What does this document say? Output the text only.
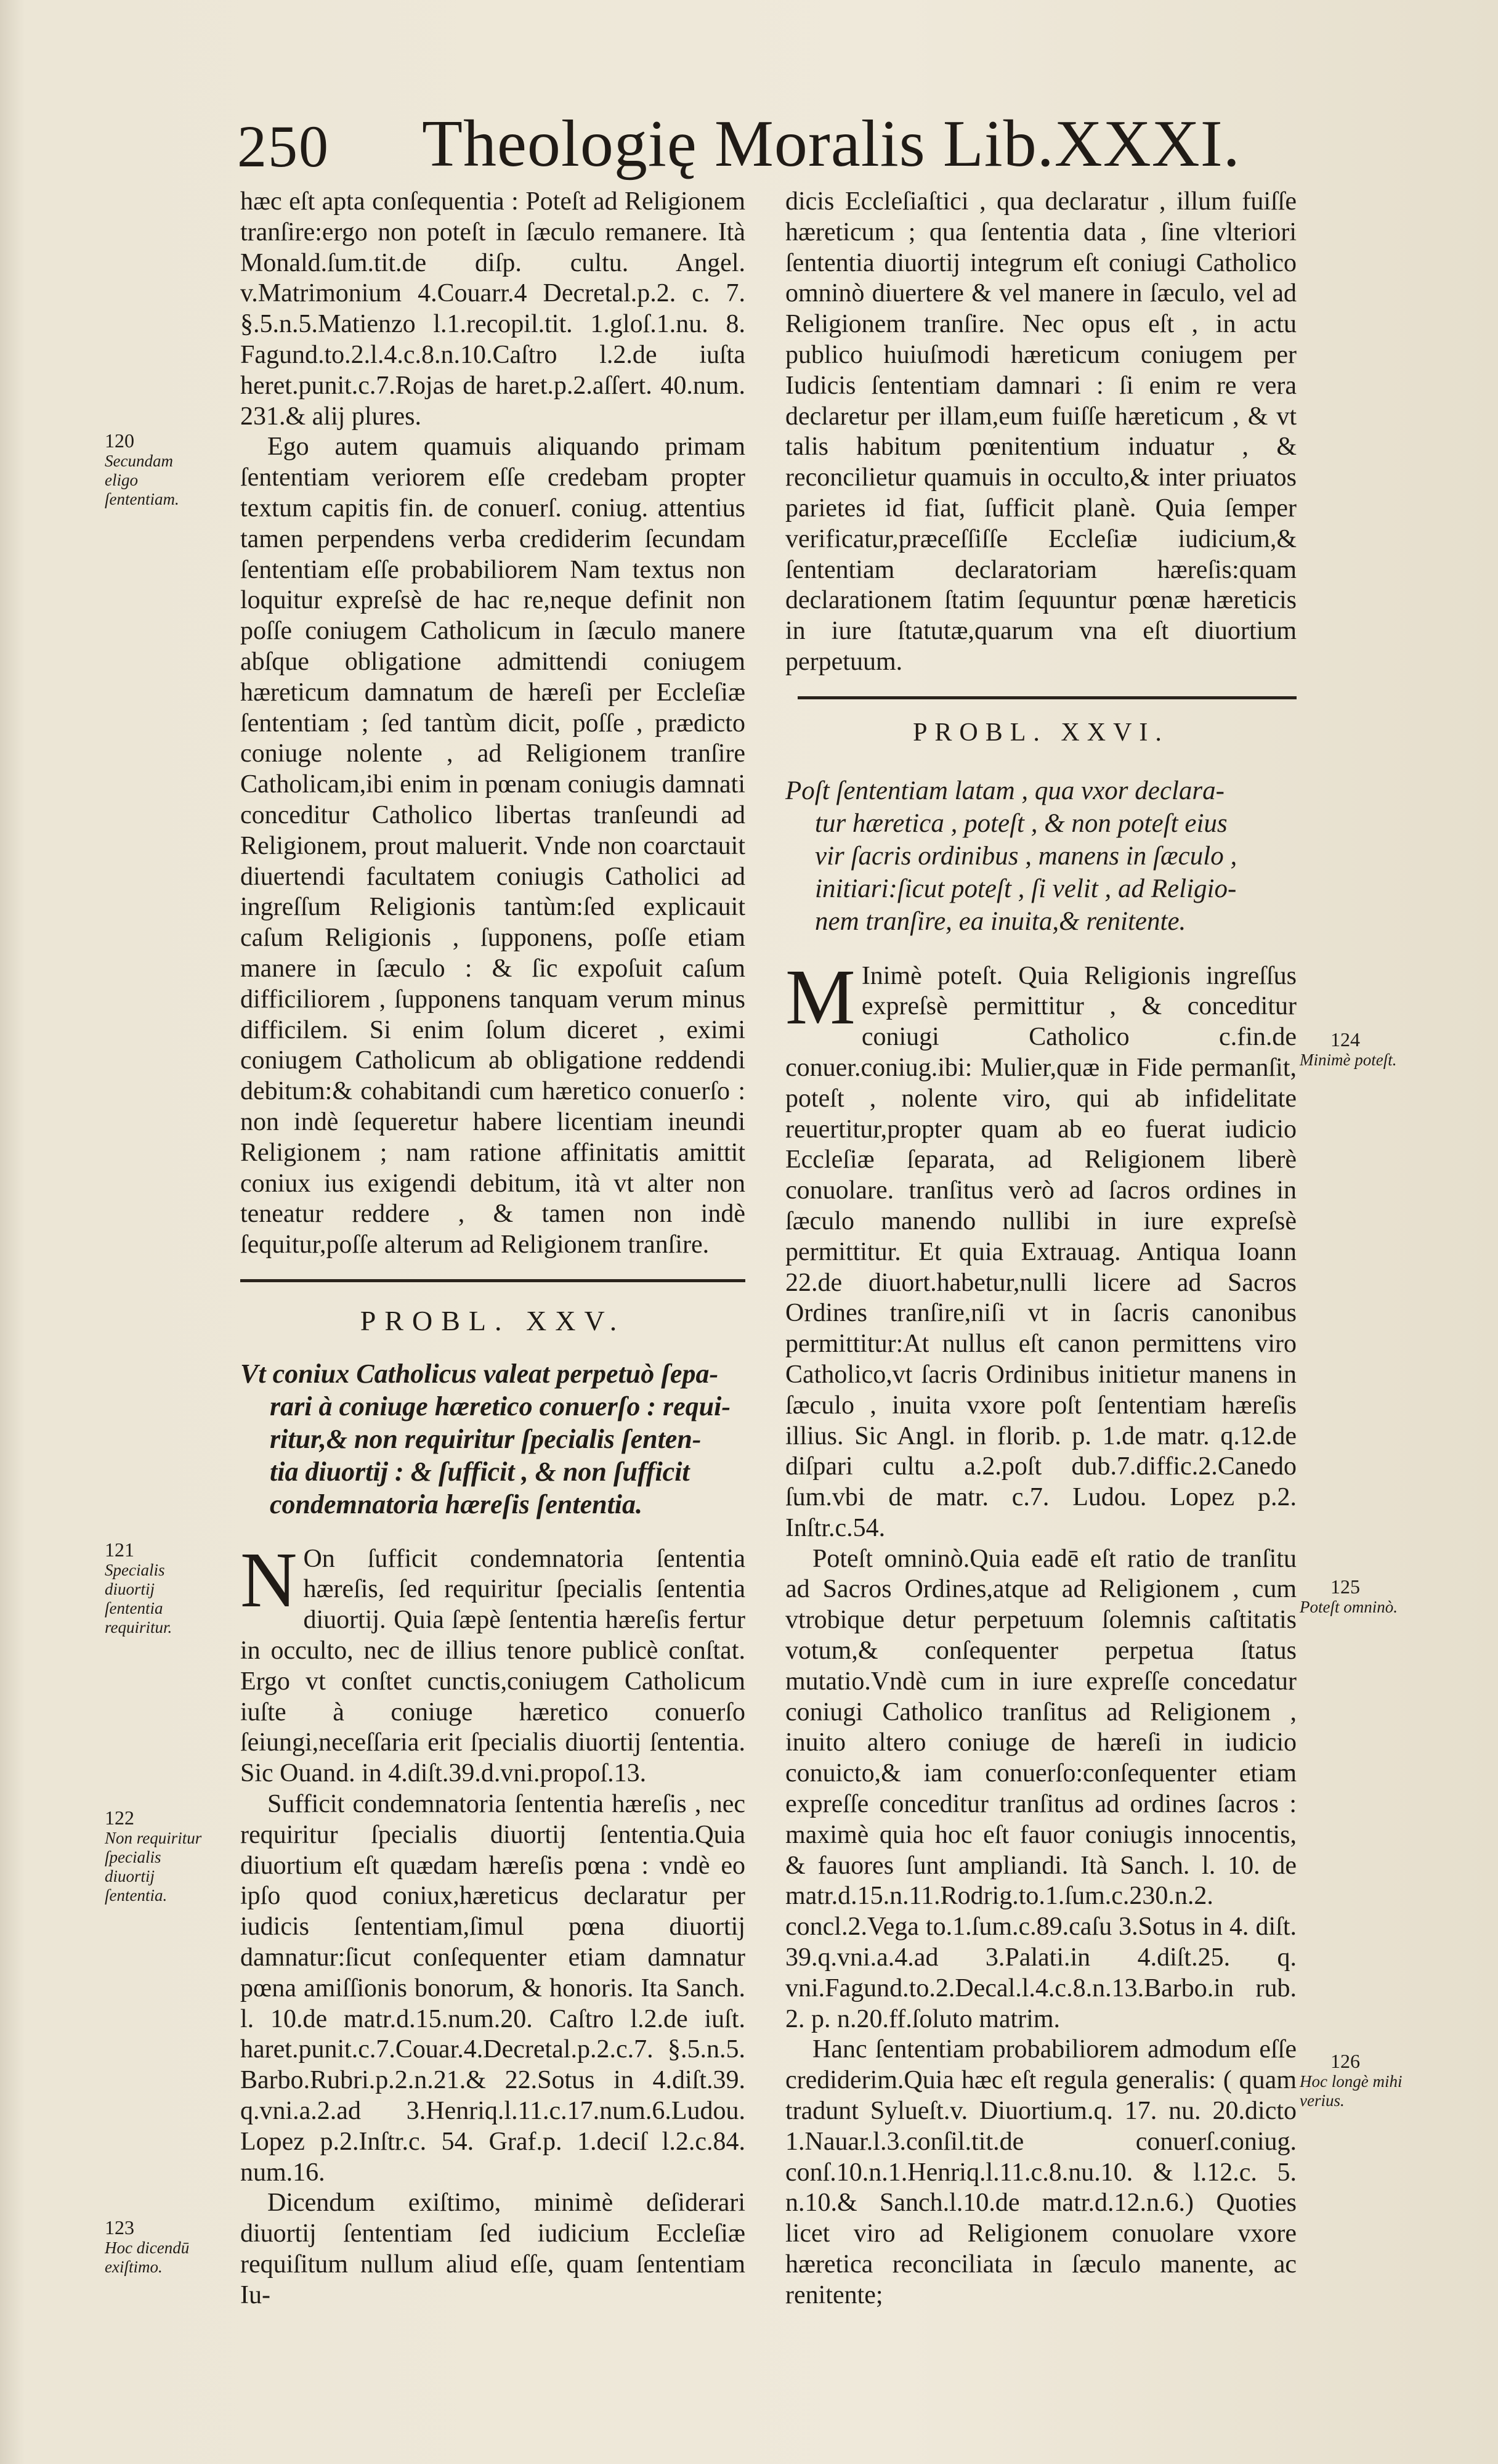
250 Theologię Moralis Lib.XXXI.

hæc eſt apta conſequentia : Poteſt ad Religionem tranſire:ergo non poteſt in ſæculo remanere. Ità Monald.ſum.tit.de diſp. cultu. Angel. v.Matrimonium 4.Couarr.4 Decretal.p.2. c. 7. §.5.n.5.Matienzo l.1.recopil.tit. 1.gloſ.1.nu. 8. Fagund.to.2.l.4.c.8.n.10.Caſtro l.2.de iuſta heret.punit.c.7.Rojas de haret.p.2.aſſert. 40.num. 231.& alij plures.

Ego autem quamuis aliquando primam ſententiam veriorem eſſe credebam propter textum capitis fin. de conuerſ. coniug. attentius tamen perpendens verba crediderim ſecundam ſententiam eſſe probabiliorem Nam textus non loquitur expreſsè de hac re,neque definit non poſſe coniugem Catholicum in ſæculo manere abſque obligatione admittendi coniugem hæreticum damnatum de hæreſi per Eccleſiæ ſententiam ; ſed tantùm dicit, poſſe , prædicto coniuge nolente , ad Religionem tranſire Catholicam,ibi enim in pœnam coniugis damnati conceditur Catholico libertas tranſeundi ad Religionem, prout maluerit. Vnde non coarctauit diuertendi facultatem coniugis Catholici ad ingreſſum Religionis tantùm:ſed explicauit caſum Religionis , ſupponens, poſſe etiam manere in ſæculo : & ſic expoſuit caſum difficiliorem , ſupponens tanquam verum minus difficilem. Si enim ſolum diceret , eximi coniugem Catholicum ab obligatione reddendi debitum:& cohabitandi cum hæretico conuerſo : non indè ſequeretur habere licentiam ineundi Religionem ; nam ratione affinitatis amittit coniux ius exigendi debitum, ità vt alter non teneatur reddere , & tamen non indè ſequitur,poſſe alterum ad Religionem tranſire.

PROBL. XXV.
Vt coniux Catholicus valeat perpetuò ſepa-
rari à coniuge hæretico conuerſo : requi-
ritur,& non requiritur ſpecialis ſenten-
tia diuortij : & ſufficit , & non ſufficit
condemnatoria hæreſis ſententia.

N On ſufficit condemnatoria ſententia hæreſis, ſed requiritur ſpecialis ſententia diuortij. Quia ſæpè ſententia hæreſis fertur in occulto, nec de illius tenore publicè conſtat. Ergo vt conſtet cunctis,coniugem Catholicum iuſte à coniuge hæretico conuerſo ſeiungi,neceſſaria erit ſpecialis diuortij ſententia. Sic Ouand. in 4.diſt.39.d.vni.propoſ.13.

Sufficit condemnatoria ſententia hæreſis , nec requiritur ſpecialis diuortij ſententia.Quia diuortium eſt quædam hæreſis pœna : vndè eo ipſo quod coniux,hæreticus declaratur per iudicis ſententiam,ſimul pœna diuortij damnatur:ſicut conſequenter etiam damnatur pœna amiſſionis bonorum, & honoris. Ita Sanch. l. 10.de matr.d.15.num.20. Caſtro l.2.de iuſt. haret.punit.c.7.Couar.4.Decretal.p.2.c.7. §.5.n.5. Barbo.Rubri.p.2.n.21.& 22.Sotus in 4.diſt.39. q.vni.a.2.ad 3.Henriq.l.11.c.17.num.6.Ludou. Lopez p.2.Inſtr.c. 54. Graf.p. 1.deciſ l.2.c.84. num.16.

Dicendum exiſtimo, minimè deſiderari diuortij ſententiam ſed iudicium Eccleſiæ requiſitum nullum aliud eſſe, quam ſententiam Iu-

dicis Eccleſiaſtici , qua declaratur , illum fuiſſe hæreticum ; qua ſententia data , ſine vlteriori ſententia diuortij integrum eſt coniugi Catholico omninò diuertere & vel manere in ſæculo, vel ad Religionem tranſire. Nec opus eſt , in actu publico huiuſmodi hæreticum coniugem per Iudicis ſententiam damnari : ſi enim re vera declaretur per illam,eum fuiſſe hæreticum , & vt talis habitum pœnitentium induatur , & reconcilietur quamuis in occulto,& inter priuatos parietes id fiat, ſufficit planè. Quia ſemper verificatur,præceſſiſſe Eccleſiæ iudicium,& ſententiam declaratoriam hæreſis:quam declarationem ſtatim ſequuntur pœnæ hæreticis in iure ſtatutæ,quarum vna eſt diuortium perpetuum.

PROBL. XXVI.
Poſt ſententiam latam , qua vxor declara-
tur hæretica , poteſt , & non poteſt eius
vir ſacris ordinibus , manens in ſæculo ,
initiari:ſicut poteſt , ſi velit , ad Religio-
nem tranſire, ea inuita,& renitente.

M Inimè poteſt. Quia Religionis ingreſſus expreſsè permittitur , & conceditur coniugi Catholico c.fin.de conuer.coniug.ibi: Mulier,quæ in Fide permanſit, poteſt , nolente viro, qui ab infidelitate reuertitur,propter quam ab eo fuerat iudicio Eccleſiæ ſeparata, ad Religionem liberè conuolare. tranſitus verò ad ſacros ordines in ſæculo manendo nullibi in iure expreſsè permittitur. Et quia Extrauag. Antiqua Ioann 22.de diuort.habetur,nulli licere ad Sacros Ordines tranſire,niſi vt in ſacris canonibus permittitur:At nullus eſt canon permittens viro Catholico,vt ſacris Ordinibus initietur manens in ſæculo , inuita vxore poſt ſententiam hæreſis illius. Sic Angl. in florib. p. 1.de matr. q.12.de diſpari cultu a.2.poſt dub.7.diffic.2.Canedo ſum.vbi de matr. c.7. Ludou. Lopez p.2. Inſtr.c.54.

Poteſt omninò.Quia eadē eſt ratio de tranſitu ad Sacros Ordines,atque ad Religionem , cum vtrobique detur perpetuum ſolemnis caſtitatis votum,& conſequenter perpetua ſtatus mutatio.Vndè cum in iure expreſſe concedatur coniugi Catholico tranſitus ad Religionem , inuito altero coniuge de hæreſi in iudicio conuicto,& iam conuerſo:conſequenter etiam expreſſe conceditur tranſitus ad ordines ſacros : maximè quia hoc eſt fauor coniugis innocentis, & fauores ſunt ampliandi. Ità Sanch. l. 10. de matr.d.15.n.11.Rodrig.to.1.ſum.c.230.n.2. concl.2.Vega to.1.ſum.c.89.caſu 3.Sotus in 4. diſt. 39.q.vni.a.4.ad 3.Palati.in 4.diſt.25. q. vni.Fagund.to.2.Decal.l.4.c.8.n.13.Barbo.in rub. 2. p. n.20.ff.ſoluto matrim.

Hanc ſententiam probabiliorem admodum eſſe crediderim.Quia hæc eſt regula generalis: ( quam tradunt Sylueſt.v. Diuortium.q. 17. nu. 20.dicto 1.Nauar.l.3.conſil.tit.de conuerſ.coniug. conſ.10.n.1.Henriq.l.11.c.8.nu.10. & l.12.c. 5. n.10.& Sanch.l.10.de matr.d.12.n.6.) Quoties licet viro ad Religionem conuolare vxore hæretica reconciliata in ſæculo manente, ac renitente;

120
Secundam eligo ſententiam.
121
Specialis diuortij ſententia requiritur.
122
Non requiritur ſpecialis diuortij ſententia.
123
Hoc dicendū exiſtimo.
124
Minimè poteſt.
125
Poteſt omninò.
126
Hoc longè mihi verius.
